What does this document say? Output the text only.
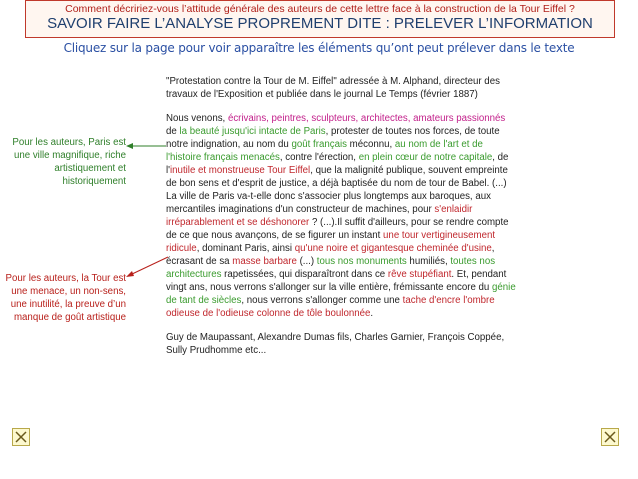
Comment décririez-vous l’attitude générale des auteurs de cette lettre face à la construction de la Tour Eiffel ?
SAVOIR FAIRE L’ANALYSE PROPREMENT DITE : PRELEVER L’INFORMATION
Cliquez sur la page pour voir apparaître les éléments qu’ont peut prélever dans le texte

"Protestation contre la Tour de M. Eiffel" adressée à M. Alphand, directeur des travaux de l'Exposition et publiée dans le journal Le Temps (février 1887)

Nous venons, écrivains, peintres, sculpteurs, architectes, amateurs passionnés de la beauté jusqu'ici intacte de Paris, protester de toutes nos forces, de toute notre indignation, au nom du goût français méconnu, au nom de l'art et de l'histoire français menacés, contre l'érection, en plein cœur de notre capitale, de l'inutile et monstrueuse Tour Eiffel, que la malignité publique, souvent empreinte de bon sens et d'esprit de justice, a déjà baptisée du nom de tour de Babel. (...) La ville de Paris va-t-elle donc s'associer plus longtemps aux baroques, aux mercantiles imaginations d'un constructeur de machines, pour s'enlaidir irréparablement et se déshonorer ? (...).Il suffit d'ailleurs, pour se rendre compte de ce que nous avançons, de se figurer un instant une tour vertigineusement ridicule, dominant Paris, ainsi qu'une noire et gigantesque cheminée d'usine, écrasant de sa masse barbare (...) tous nos monuments humiliés, toutes nos architectures rapetissées, qui disparaîtront dans ce rêve stupéfiant. Et, pendant vingt ans, nous verrons s'allonger sur la ville entière, frémissante encore du génie de tant de siècles, nous verrons s'allonger comme une tache d'encre l'ombre odieuse de l'odieuse colonne de tôle boulonnée.

Guy de Maupassant, Alexandre Dumas fils, Charles Garnier, François Coppée, Sully Prudhomme etc...

Pour les auteurs, Paris est une ville magnifique, riche artistiquement et historiquement
Pour les auteurs, la Tour est une menace, un non-sens, une inutilité, la preuve d’un manque de goût artistique
